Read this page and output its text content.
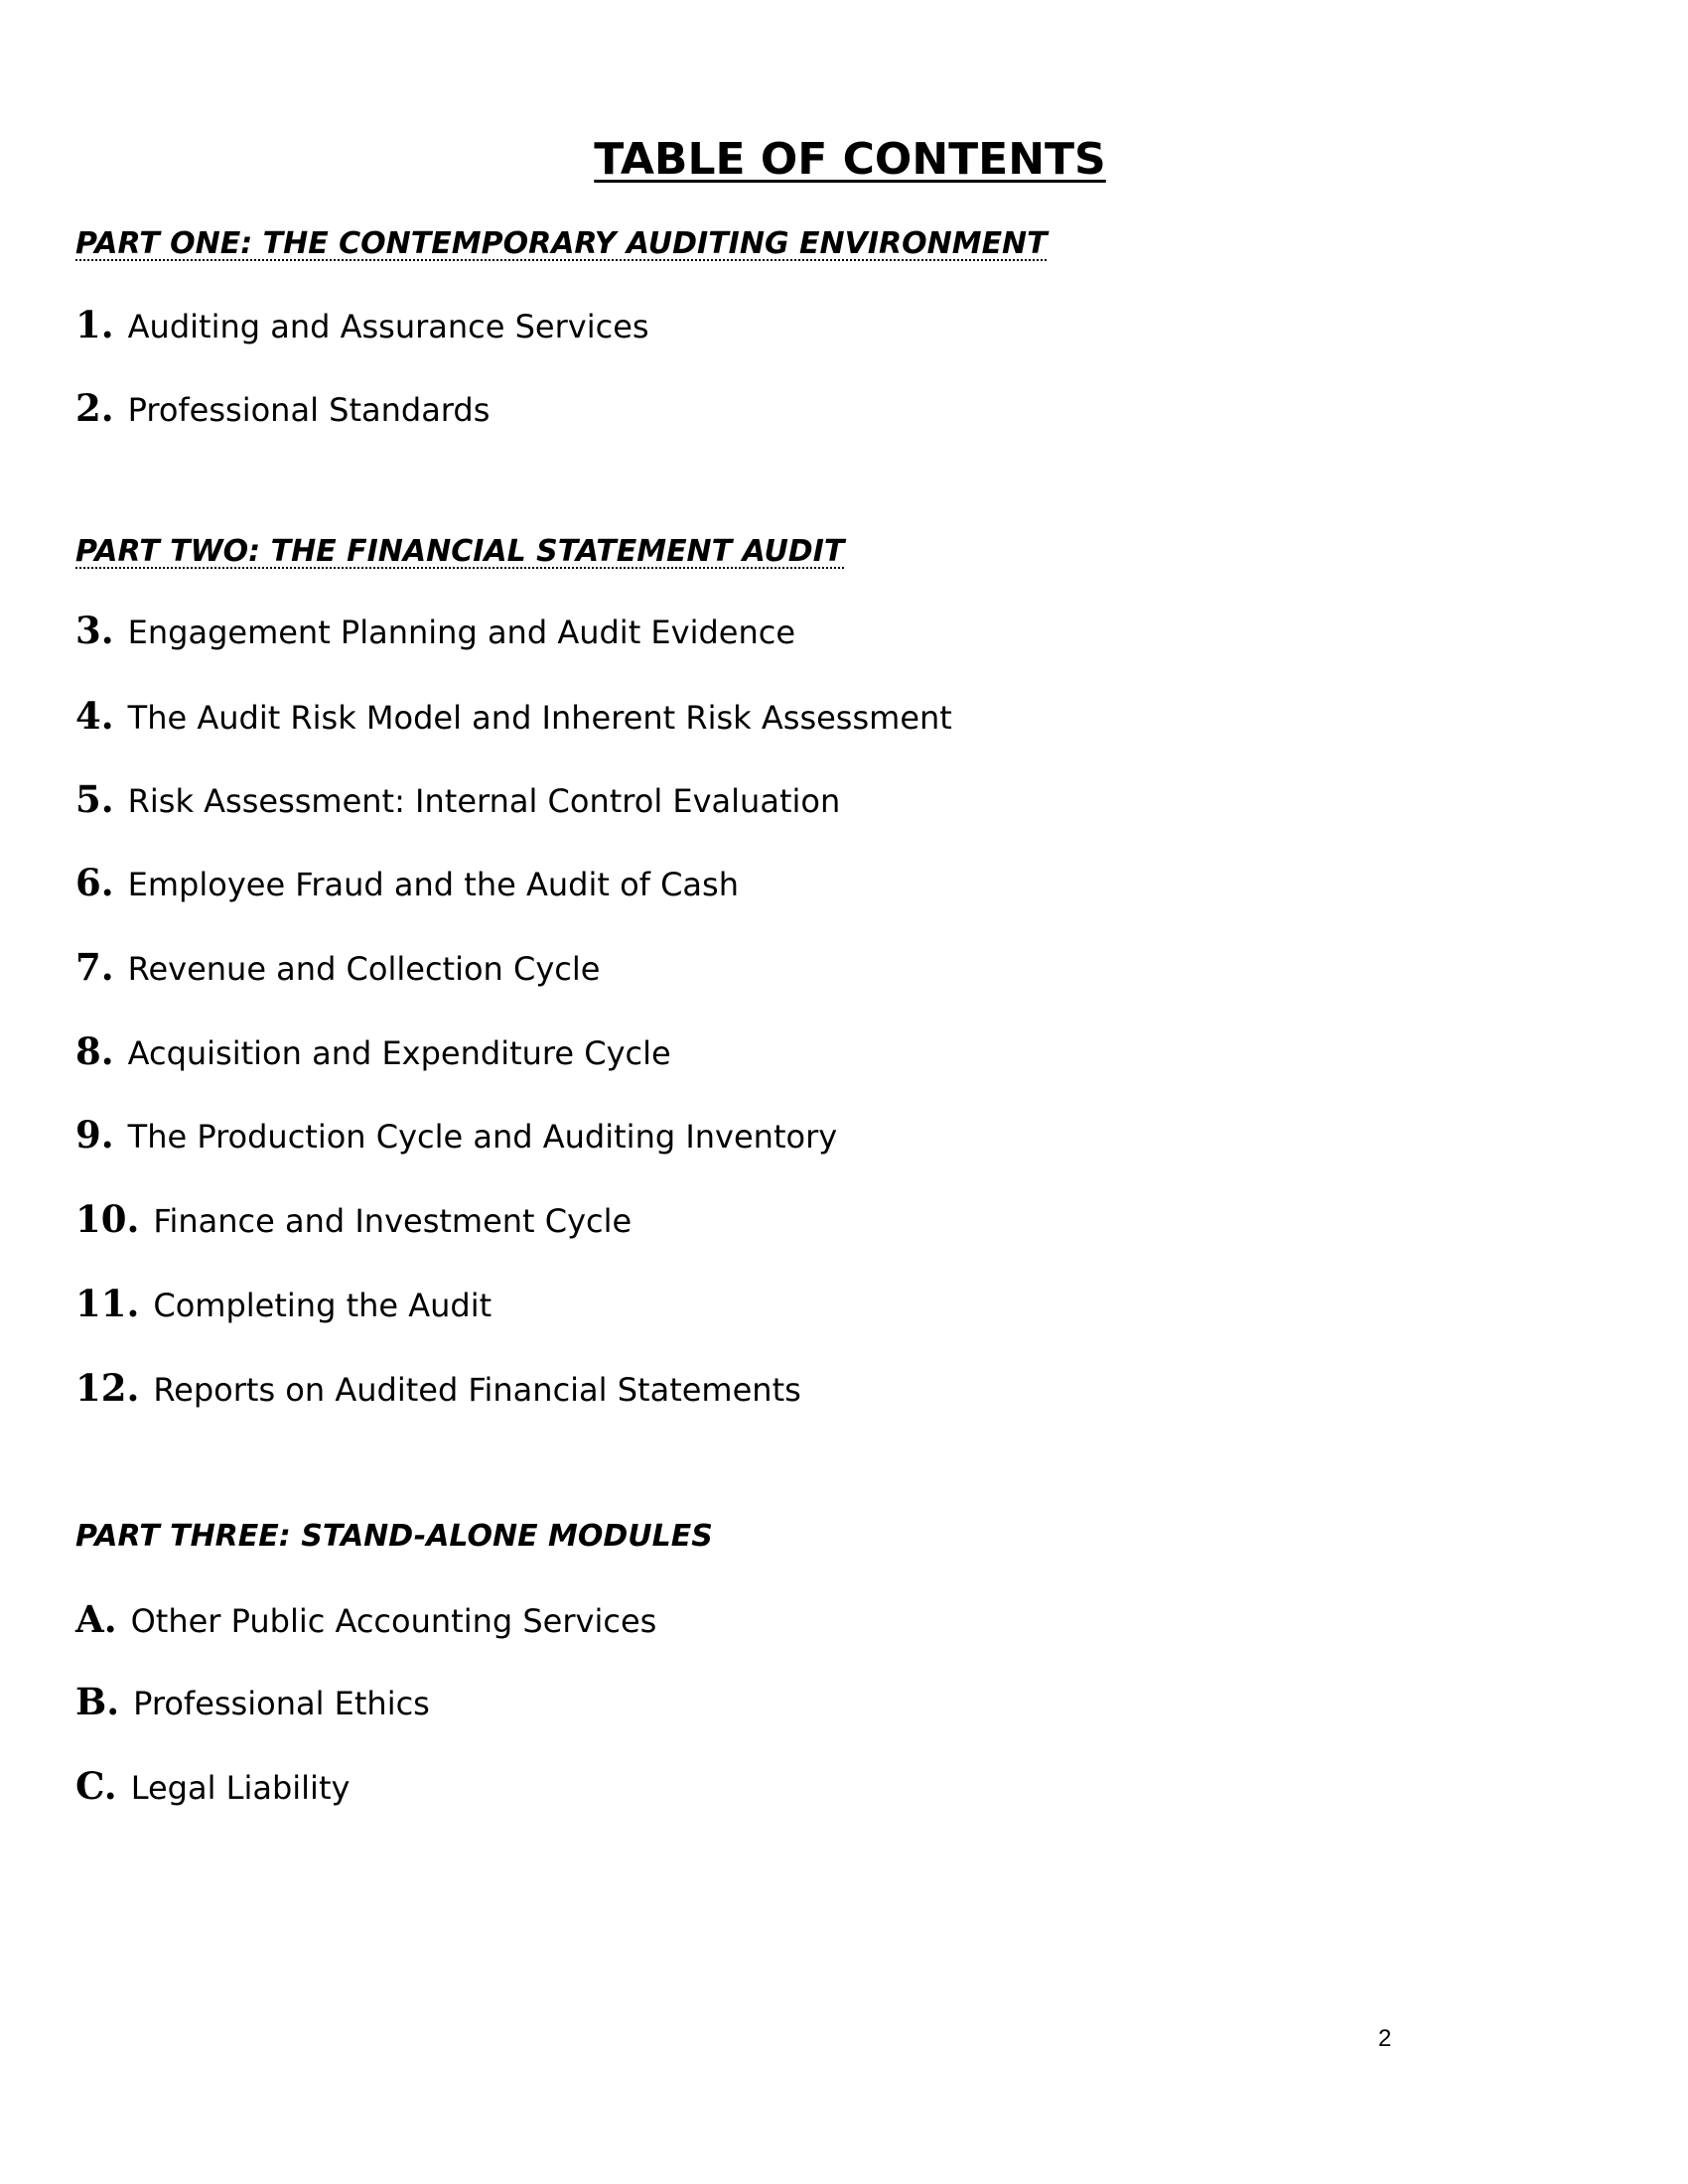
TABLE OF CONTENTS
PART ONE: THE CONTEMPORARY AUDITING ENVIRONMENT
1. Auditing and Assurance Services
2. Professional Standards
PART TWO: THE FINANCIAL STATEMENT AUDIT
3. Engagement Planning and Audit Evidence
4. The Audit Risk Model and Inherent Risk Assessment
5. Risk Assessment: Internal Control Evaluation
6. Employee Fraud and the Audit of Cash
7. Revenue and Collection Cycle
8. Acquisition and Expenditure Cycle
9. The Production Cycle and Auditing Inventory
10. Finance and Investment Cycle
11. Completing the Audit
12. Reports on Audited Financial Statements
PART THREE: STAND-ALONE MODULES
A. Other Public Accounting Services
B. Professional Ethics
C. Legal Liability
2
